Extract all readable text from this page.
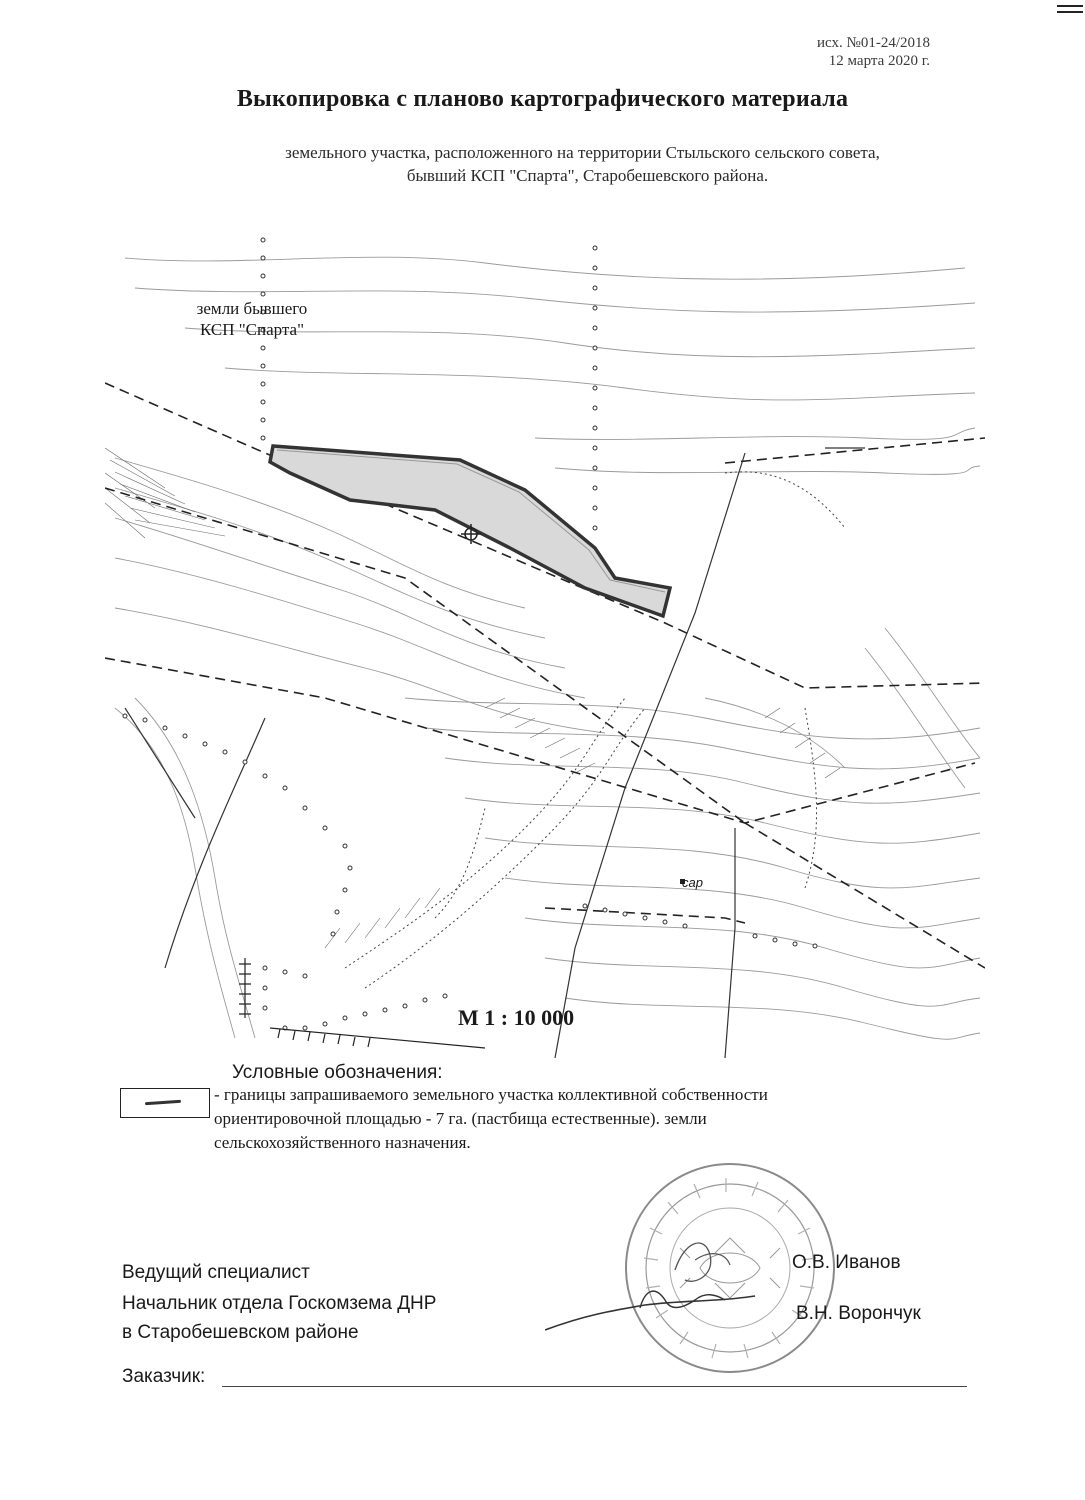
исх. №01-24/2018
12 марта 2020 г.
Выкопировка с планово картографического материала
земельного участка, расположенного на территории Стыльского сельского совета,
бывший КСП "Спарта", Старобешевского района.
земли бывшего
КСП "Спарта"
сар
М 1 : 10 000
Условные обозначения:
- границы запрашиваемого земельного участка коллективной собственности
ориентировочной площадью - 7 га. (пастбища естественные). земли
сельскохозяйственного назначения.
Ведущий специалист	О.В. Иванов
Начальник отдела Госкомзема ДНР
в Старобешевском районе
В.Н. Ворончук
Заказчик:
